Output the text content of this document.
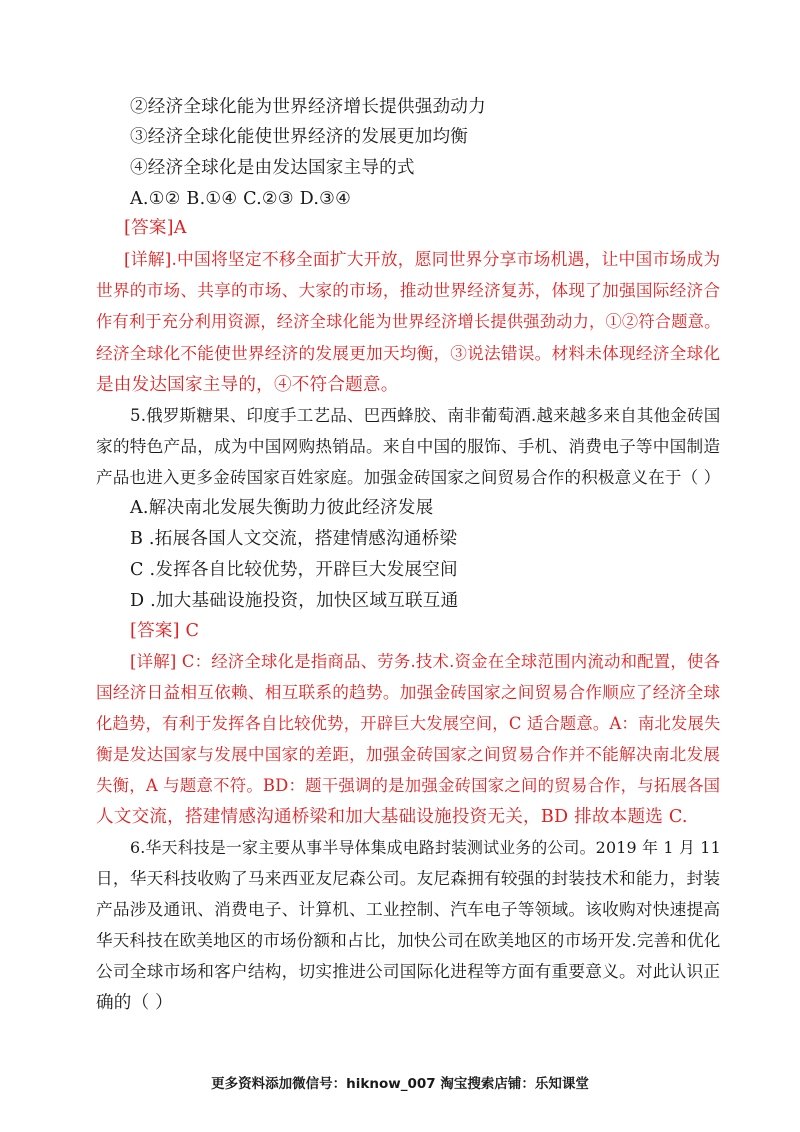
②经济全球化能为世界经济增长提供强劲动力
③经济全球化能使世界经济的发展更加均衡
④经济全球化是由发达国家主导的式
A.①② B.①④ C.②③ D.③④
[答案]A
[详解].中国将坚定不移全面扩大开放，愿同世界分享市场机遇，让中国市场成为
世界的市场、共享的市场、大家的市场，推动世界经济复苏，体现了加强国际经济合
作有利于充分利用资源，经济全球化能为世界经济增长提供强劲动力，①②符合题意。
经济全球化不能使世界经济的发展更加天均衡，③说法错误。材料未体现经济全球化
是由发达国家主导的，④不符合题意。
5.俄罗斯糖果、印度手工艺品、巴西蜂胶、南非葡萄酒.越来越多来自其他金砖国
家的特色产品，成为中国网购热销品。来自中国的服饰、手机、消费电子等中国制造
产品也进入更多金砖国家百姓家庭。加强金砖国家之间贸易合作的积极意义在于（ ）
A.解决南北发展失衡助力彼此经济发展
B .拓展各国人文交流，搭建情感沟通桥梁
C .发挥各自比较优势，开辟巨大发展空间
D .加大基础设施投资，加快区域互联互通
[答案] C
[详解] C：经济全球化是指商品、劳务.技术.资金在全球范围内流动和配置，使各
国经济日益相互依赖、相互联系的趋势。加强金砖国家之间贸易合作顺应了经济全球
化趋势，有利于发挥各自比较优势，开辟巨大发展空间，C 适合题意。A：南北发展失
衡是发达国家与发展中国家的差距，加强金砖国家之间贸易合作并不能解决南北发展
失衡，A 与题意不符。BD：题干强调的是加强金砖国家之间的贸易合作，与拓展各国
人文交流，搭建情感沟通桥梁和加大基础设施投资无关，BD 排故本题选 C.
6.华天科技是一家主要从事半导体集成电路封装测试业务的公司。2019 年 1 月 11
日，华天科技收购了马来西亚友尼森公司。友尼森拥有较强的封装技术和能力，封装
产品涉及通讯、消费电子、计算机、工业控制、汽车电子等领域。该收购对快速提高
华天科技在欧美地区的市场份额和占比，加快公司在欧美地区的市场开发.完善和优化
公司全球市场和客户结构，切实推进公司国际化进程等方面有重要意义。对此认识正
确的（ ）
更多资料添加微信号：hiknow_007 淘宝搜索店铺：乐知课堂
